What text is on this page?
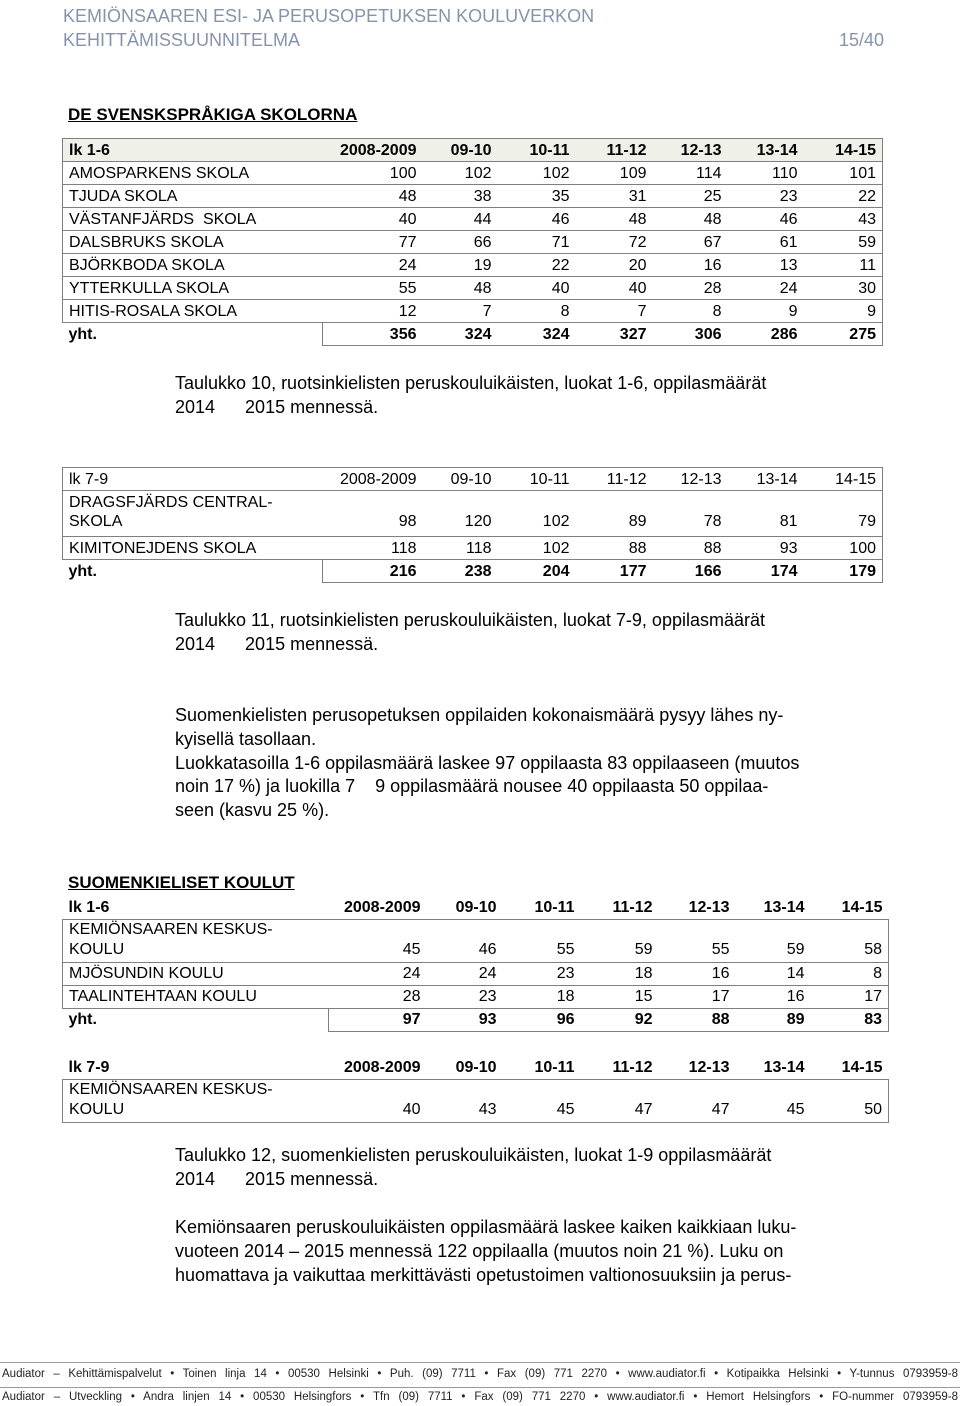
KEMIÖNSAAREN ESI- JA PERUSOPETUKSEN KOULUVERKON
KEHITTÄMISSUUNNITELMA	15/40
DE SVENSKSPRÅKIGA SKOLORNA
lk 1-6	2008-2009	09-10	10-11	11-12	12-13	13-14	14-15
AMOSPARKENS SKOLA	100	102	102	109	114	110	101
TJUDA SKOLA	48	38	35	31	25	23	22
VÄSTANFJÄRDS  SKOLA	40	44	46	48	48	46	43
DALSBRUKS SKOLA	77	66	71	72	67	61	59
BJÖRKBODA SKOLA	24	19	22	20	16	13	11
YTTERKULLA SKOLA	55	48	40	40	28	24	30
HITIS-ROSALA SKOLA	12	7	8	7	8	9	9
yht.	356	324	324	327	306	286	275
Taulukko 10, ruotsinkielisten peruskouluikäisten, luokat 1-6, oppilasmäärät
2014      2015 mennessä.
lk 7-9	2008-2009	09-10	10-11	11-12	12-13	13-14	14-15
DRAGSFJÄRDS CENTRAL-
SKOLA	98	120	102	89	78	81	79
KIMITONEJDENS SKOLA	118	118	102	88	88	93	100
yht.	216	238	204	177	166	174	179
Taulukko 11, ruotsinkielisten peruskouluikäisten, luokat 7-9, oppilasmäärät
2014      2015 mennessä.
Suomenkielisten perusopetuksen oppilaiden kokonaismäärä pysyy lähes ny-
kyisellä tasollaan.
Luokkatasoilla 1-6 oppilasmäärä laskee 97 oppilaasta 83 oppilaaseen (muutos
noin 17 %) ja luokilla 7    9 oppilasmäärä nousee 40 oppilaasta 50 oppilaa-
seen (kasvu 25 %).
SUOMENKIELISET KOULUT
lk 1-6	2008-2009	09-10	10-11	11-12	12-13	13-14	14-15
KEMIÖNSAAREN KESKUS-
KOULU	45	46	55	59	55	59	58
MJÖSUNDIN KOULU	24	24	23	18	16	14	8
TAALINTEHTAAN KOULU	28	23	18	15	17	16	17
yht.	97	93	96	92	88	89	83
lk 7-9	2008-2009	09-10	10-11	11-12	12-13	13-14	14-15
KEMIÖNSAAREN KESKUS-
KOULU	40	43	45	47	47	45	50
Taulukko 12, suomenkielisten peruskouluikäisten, luokat 1-9 oppilasmäärät
2014      2015 mennessä.
Kemiönsaaren peruskouluikäisten oppilasmäärä laskee kaiken kaikkiaan luku-
vuoteen 2014 – 2015 mennessä 122 oppilaalla (muutos noin 21 %). Luku on
huomattava ja vaikuttaa merkittävästi opetustoimen valtionosuuksiin ja perus-
Audiator – Kehittämispalvelut • Toinen linja 14 • 00530 Helsinki • Puh. (09) 7711 • Fax (09) 771 2270 • www.audiator.fi • Kotipaikka Helsinki • Y-tunnus 0793959-8
Audiator – Utveckling • Andra linjen 14 • 00530 Helsingfors • Tfn (09) 7711 • Fax (09) 771 2270 • www.audiator.fi • Hemort Helsingfors • FO-nummer 0793959-8
